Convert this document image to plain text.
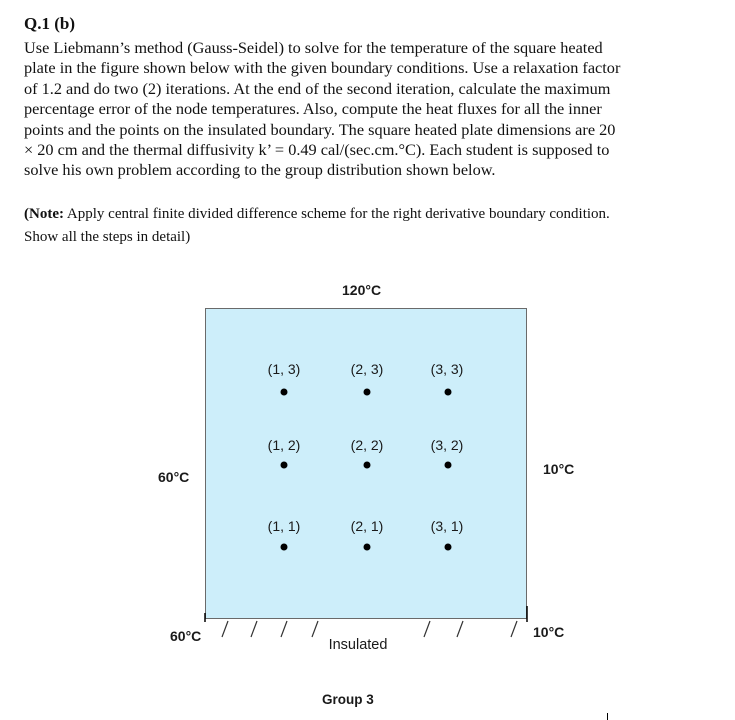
Q.1 (b)
Use Liebmann’s method (Gauss-Seidel) to solve for the temperature of the square heated
plate in the figure shown below with the given boundary conditions. Use a relaxation factor
of 1.2 and do two (2) iterations. At the end of the second iteration, calculate the maximum
percentage error of the node temperatures. Also, compute the heat fluxes for all the inner
points and the points on the insulated boundary. The square heated plate dimensions are 20
× 20 cm and the thermal diffusivity k’ = 0.49 cal/(sec.cm.°C). Each student is supposed to
solve his own problem according to the group distribution shown below.
(Note: Apply central finite divided difference scheme for the right derivative boundary condition.
Show all the steps in detail)
120°C
60°C	10°C
(1, 3)	(2, 3)	(3, 3)
(1, 2)	(2, 2)	(3, 2)
(1, 1)	(2, 1)	(3, 1)
60°C	10°C
Insulated
Group 3
